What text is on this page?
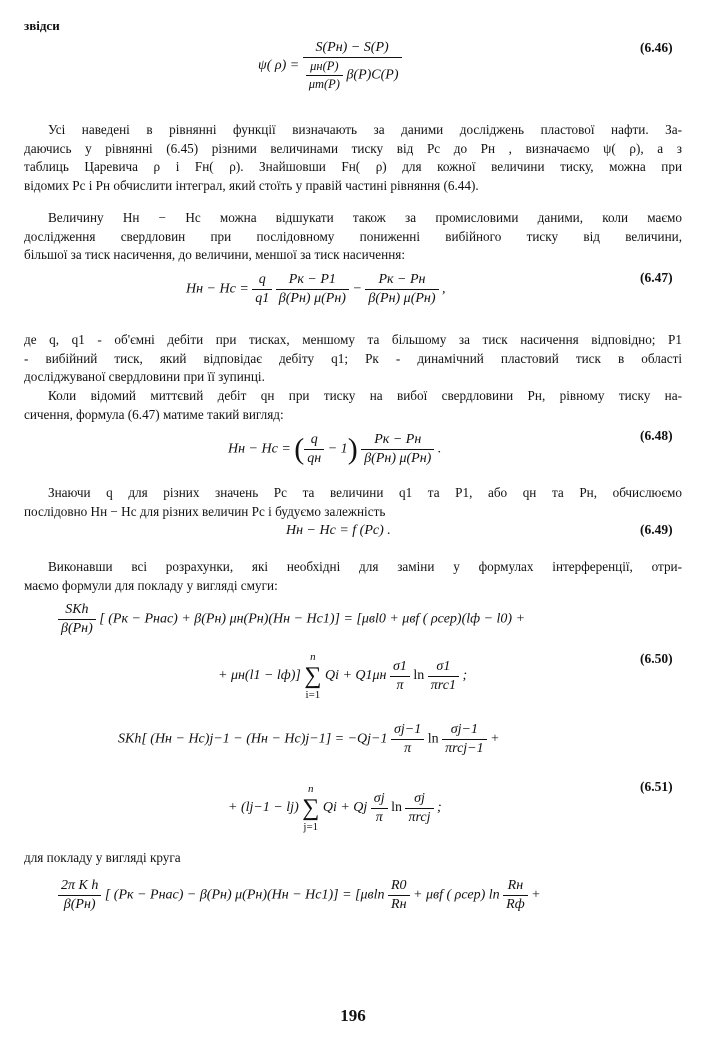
звідси
ψ( $\rho) = \frac{S(Pн) - S(P)}{\frac{\mu н(P)}{\mu т(P)} \beta(P)C(P)}$	(6.46)
Усі наведені в рівнянні функції визначають за даними досліджень пластової нафти. За-
даючись у рівнянні (6.45) різними величинами тиску від Pс до Pн , визначаємо ψ( ρ), а з
таблиць Царевича ρ і Fн( ρ). Знайшовши Fн( ρ) для кожної величини тиску, можна при
відомих Pс і Pн обчислити інтеграл, який стоїть у правій частині рівняння (6.44).
Величину Hн − Hс можна відшукати також за промисловими даними, коли маємо
дослідження свердловин при послідовному пониженні вибійного тиску від величини,
більшої за тиск насичення, до величини, меншої за тиск насичення:
Hн − Hс = $\frac{q}{q1}$
$\frac{Pк - P1}{\beta(Pн) \mu(Pн)} - \frac{Pк - Pн}{\beta(Pн) \mu(Pн)}$ ,
(6.47)
де q, q1 - об'ємні дебіти при тисках, меншому та більшому за тиск насичення відповідно; P1
- вибійний тиск, який відповідає дебіту q1; Pк - динамічний пластовий тиск в області
досліджуваної свердловини при її зупинці.
Коли відомий миттєвий дебіт qн при тиску на вибої свердловини Pн, рівному тиску на-
сичення, формула (6.47) матиме такий вигляд:
Hн − Hс = ( $\frac{q}{qн} - 1) \frac{Pк - Pн}{\beta(Pн) \mu(Pн)}$ .
(6.48)
Знаючи q для різних значень Pс та величини q1 та P1, або qн та Pн, обчислюємо
послідовно Hн − Hс для різних величин Pс і будуємо залежність
Hн − Hс = f (Pс) .	(6.49)
Виконавши всі розрахунки, які необхідні для заміни у формулах інтерференції, отри-
маємо формули для покладу у вигляді смуги:
$\frac{\text{SKh}}{\beta(Pн)}$ [ (Pк − Pнас) + β(Pн) μн(Pн)(Hн − Hс1)] = [μвl0 + μвf ( ρсер)(lф − l0) +
+ μн(l1 − lф)]
n
∑
i=1
$Qi + Q1\mu н \frac{\sigma 1}{\pi}$ $\ln \frac{\sigma 1}{\text{πrc1}}$ ;
(6.50)
SKh[ $(Hн - Hс)j-1 - (Hн - Hс)j-1] = -Qj-1 \frac{\sigma j-1}{\pi}$ $\ln \frac{\sigma j-1}{\text{πrcj−1}}$ +
+ (lj−1 − lj)
n
∑
j=1
Qi + Qj $\frac{\sigma j}{\pi}$ $\ln \frac{\sigma j}{\text{πrcj}}$ ;
(6.51)
для покладу у вигляді круга
$\frac{\text{2π K h}}{\beta(Pн)}$ [ (Pк − Pнас) − β(Pн) $\mu(Pн)(Hн - Hс1)] = [\mu в\ln \frac{R0}{Rн} + \mu вf$ ( ρсер) $\ln \frac{Rн}{Rф}$ +
196
